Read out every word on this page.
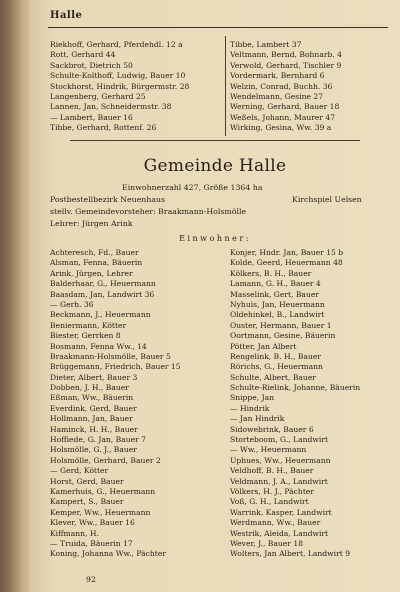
Halle
Riekhoff, Gerhard, Pferdehdl. 12 a
Rott, Gerhard 44
Sackbrot, Dietrich 50
Schulte-Kolthoff, Ludwig, Bauer 10
Stockhorst, Hindrik, Bürgermstr. 28
Langenberg, Gerhard 25
Lannen, Jan, Schneidermstr. 38
— Lambert, Bauer 16
Tibbe, Gerhard, Rottenf. 26
Tibbe, Lambert 37
Veltmann, Bernd, Bohnarb. 4
Verwold, Gerhard, Tischler 9
Vordermark, Bernhard 6
Welzin, Conrad, Buchh. 36
Wendelmann, Gesine 27
Werning, Gerhard, Bauer 18
Weßels, Johann, Maurer 47
Wirking, Gesina, Ww. 39 a
Gemeinde Halle
Einwohnerzahl 427, Größe 1364 ha
Postbestellbezirk Neuenhaus	Kirchspiel Uelsen
stellv. Gemeindevorsteher: Braakmann-Holsmölle
Lehrer: Jürgen Arink
Einwohner:
Achteresch, Fd., Bauer
Alsman, Fenna, Bäuerin
Arink, Jürgen, Lehrer
Balderhaar, G., Heuermann
Baasdam, Jan, Landwirt 36
— Gerh. 36
Beckmann, J., Heuermann
Beniermann, Kötter
Biester, Gerrken 8
Bosmann, Fenna Ww., 14
Braakmann-Holsmölle, Bauer 5
Brüggemann, Friedrich, Bauer 15
Dieter, Albert, Bauer 3
Dobben, J. H., Bauer
Eßman, Ww., Bäuerin
Everdink, Gerd, Bauer
Hollmann, Jan, Bauer
Haminck, H. H., Bauer
Hoffiede, G. Jan, Bauer 7
Holsmölle, G. J., Bauer
Holsmölle, Gerhard, Bauer 2
— Gerd, Kötter
Horst, Gerd, Bauer
Kamerhuis, G., Heuermann
Kampert, S., Bauer
Kemper, Ww., Heuermann
Klever, Ww., Bauer 16
Kiffmann, H.
— Truida, Bäuerin 17
Koning, Johanna Ww., Pächter
Konjer, Hndr. Jan, Bauer 15 b
Kolde, Geerd, Heuermann 48
Kölkers, B. H., Bauer
Lamann, G. H., Bauer 4
Masselink, Gert, Bauer
Nyhuis, Jan, Heuermann
Oldehinkel, B., Landwirt
Ouster, Hermann, Bauer 1
Oortmann, Gesine, Bäuerin
Pötter, Jan Albert
Rengelink, B. H., Bauer
Rörichs, G., Heuermann
Schulte, Albert, Bauer
Schulte-Rielink, Johanne, Bäuerin
Snippe, Jan
— Hindrik
— Jan Hindrik
Sidowebrink, Bauer 6
Storteboom, G., Landwirt
— Ww., Heuermann
Uphues, Ww., Heuermann
Veldhoff, B. H., Bauer
Veldmann, J. A., Landwirt
Völkers, H. J., Pächter
Voß, G. H., Landwirt
Warrink, Kasper, Landwirt
Werdmann, Ww., Bauer
Westrik, Aleida, Landwirt
Wever, J., Bauer 18
Wolters, Jan Albert, Landwirt 9
92
